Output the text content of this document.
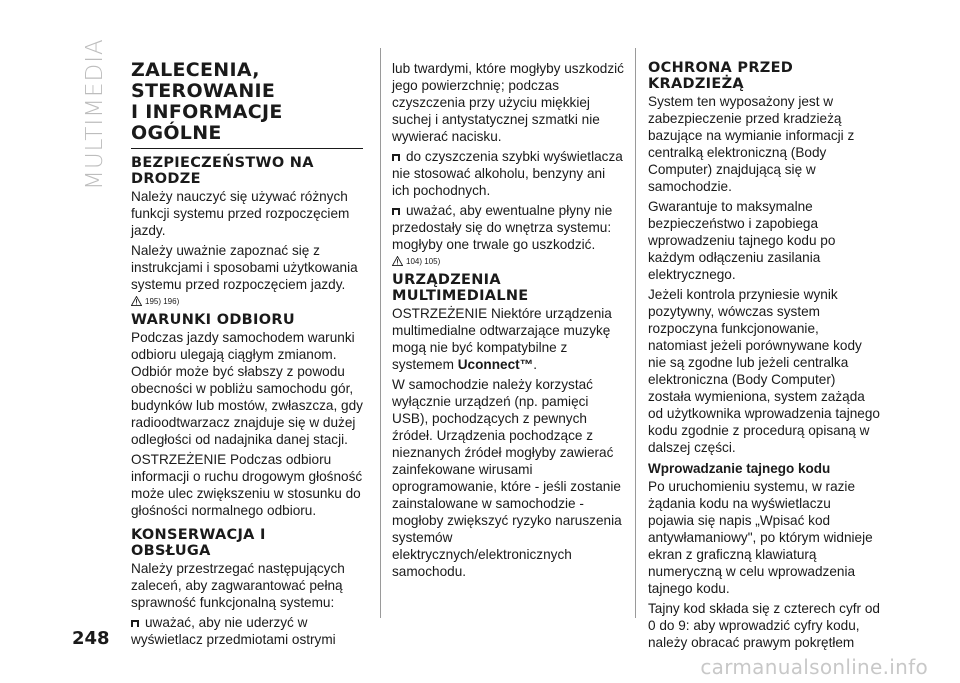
MULTIMEDIA ZALECENIA,
STEROWANIE
I INFORMACJE
OGÓLNE
BEZPIECZEŃSTWO NA
DRODZE

Należy nauczyć się używać różnych funkcji systemu przed rozpoczęciem jazdy.

Należy uważnie zapoznać się z instrukcjami i sposobami użytkowania systemu przed rozpoczęciem jazdy.

195) 196)
WARUNKI ODBIORU

Podczas jazdy samochodem warunki odbioru ulegają ciągłym zmianom. Odbiór może być słabszy z powodu obecności w pobliżu samochodu gór, budynków lub mostów, zwłaszcza, gdy radioodtwarzacz znajduje się w dużej odległości od nadajnika danej stacji.

OSTRZEŻENIE Podczas odbioru informacji o ruchu drogowym głośność może ulec zwiększeniu w stosunku do głośności normalnego odbioru.

KONSERWACJA I
OBSŁUGA

Należy przestrzegać następujących zaleceń, aby zagwarantować pełną sprawność funkcjonalną systemu:

uważać, aby nie uderzyć w wyświetlacz przedmiotami ostrymi

lub twardymi, które mogłyby uszkodzić jego powierzchnię; podczas czyszczenia przy użyciu miękkiej suchej i antystatycznej szmatki nie wywierać nacisku.

do czyszczenia szybki wyświetlacza nie stosować alkoholu, benzyny ani ich pochodnych.

uważać, aby ewentualne płyny nie przedostały się do wnętrza systemu: mogłyby one trwale go uszkodzić.

104) 105)
URZĄDZENIA
MULTIMEDIALNE

OSTRZEŻENIE Niektóre urządzenia multimedialne odtwarzające muzykę mogą nie być kompatybilne z systemem Uconnect™.

W samochodzie należy korzystać wyłącznie urządzeń (np. pamięci USB), pochodzących z pewnych źródeł. Urządzenia pochodzące z nieznanych źródeł mogłyby zawierać zainfekowane wirusami oprogramowanie, które - jeśli zostanie zainstalowane w samochodzie - mogłoby zwiększyć ryzyko naruszenia systemów elektrycznych/elektronicznych samochodu.

OCHRONA PRZED
KRADZIEŻĄ

System ten wyposażony jest w zabezpieczenie przed kradzieżą bazujące na wymianie informacji z centralką elektroniczną (Body Computer) znajdującą się w samochodzie.

Gwarantuje to maksymalne bezpieczeństwo i zapobiega wprowadzeniu tajnego kodu po każdym odłączeniu zasilania elektrycznego.

Jeżeli kontrola przyniesie wynik pozytywny, wówczas system rozpoczyna funkcjonowanie, natomiast jeżeli porównywane kody nie są zgodne lub jeżeli centralka elektroniczna (Body Computer) została wymieniona, system zażąda od użytkownika wprowadzenia tajnego kodu zgodnie z procedurą opisaną w dalszej części.

Wprowadzanie tajnego kodu

Po uruchomieniu systemu, w razie żądania kodu na wyświetlaczu pojawia się napis „Wpisać kod antywłamaniowy", po którym widnieje ekran z graficzną klawiaturą numeryczną w celu wprowadzenia tajnego kodu.

Tajny kod składa się z czterech cyfr od 0 do 9: aby wprowadzić cyfry kodu, należy obracać prawym pokrętłem

248
carmanualsonline.info
